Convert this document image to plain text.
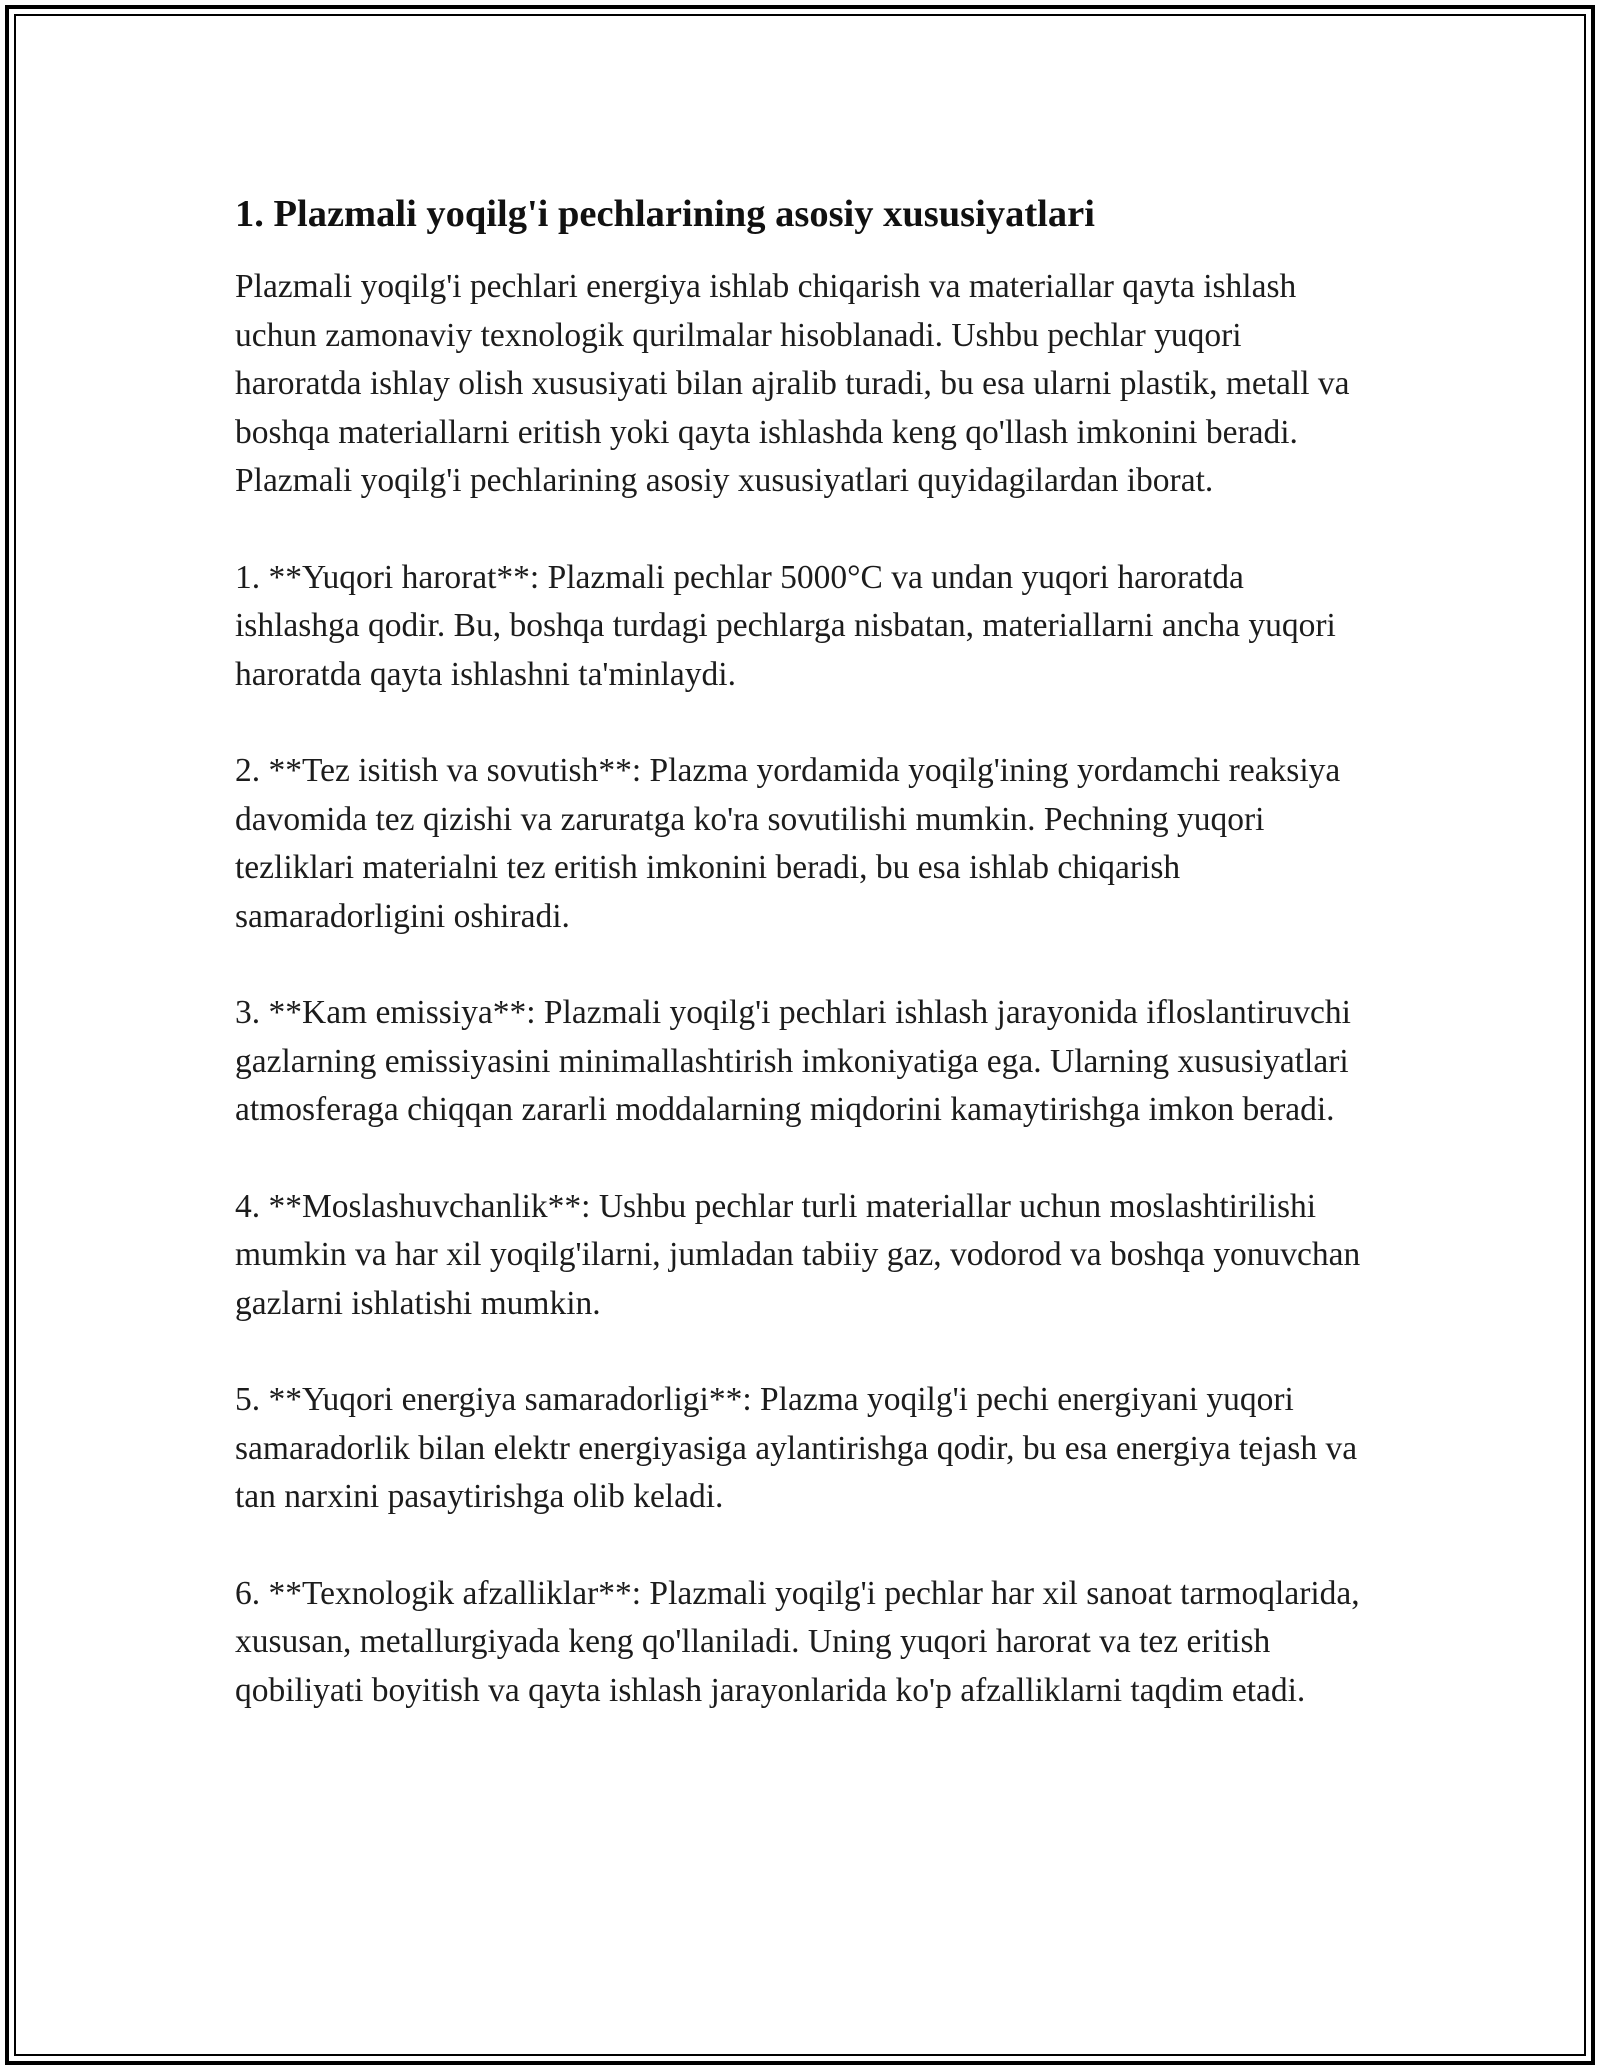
1. Plazmali yoqilg'i pechlarining asosiy xususiyatlari

Plazmali yoqilg'i pechlari energiya ishlab chiqarish va materiallar qayta ishlash uchun zamonaviy texnologik qurilmalar hisoblanadi. Ushbu pechlar yuqori haroratda ishlay olish xususiyati bilan ajralib turadi, bu esa ularni plastik, metall va boshqa materiallarni eritish yoki qayta ishlashda keng qo'llash imkonini beradi. Plazmali yoqilg'i pechlarining asosiy xususiyatlari quyidagilardan iborat.

1. **Yuqori harorat**: Plazmali pechlar 5000°C va undan yuqori haroratda ishlashga qodir. Bu, boshqa turdagi pechlarga nisbatan, materiallarni ancha yuqori haroratda qayta ishlashni ta'minlaydi.

2. **Tez isitish va sovutish**: Plazma yordamida yoqilg'ining yordamchi reaksiya davomida tez qizishi va zaruratga ko'ra sovutilishi mumkin. Pechning yuqori tezliklari materialni tez eritish imkonini beradi, bu esa ishlab chiqarish samaradorligini oshiradi.

3. **Kam emissiya**: Plazmali yoqilg'i pechlari ishlash jarayonida ifloslantiruvchi gazlarning emissiyasini minimallashtirish imkoniyatiga ega. Ularning xususiyatlari atmosferaga chiqqan zararli moddalarning miqdorini kamaytirishga imkon beradi.

4. **Moslashuvchanlik**: Ushbu pechlar turli materiallar uchun moslashtirilishi mumkin va har xil yoqilg'ilarni, jumladan tabiiy gaz, vodorod va boshqa yonuvchan gazlarni ishlatishi mumkin.

5. **Yuqori energiya samaradorligi**: Plazma yoqilg'i pechi energiyani yuqori samaradorlik bilan elektr energiyasiga aylantirishga qodir, bu esa energiya tejash va tan narxini pasaytirishga olib keladi.

6. **Texnologik afzalliklar**: Plazmali yoqilg'i pechlar har xil sanoat tarmoqlarida, xususan, metallurgiyada keng qo'llaniladi. Uning yuqori harorat va tez eritish qobiliyati boyitish va qayta ishlash jarayonlarida ko'p afzalliklarni taqdim etadi.
